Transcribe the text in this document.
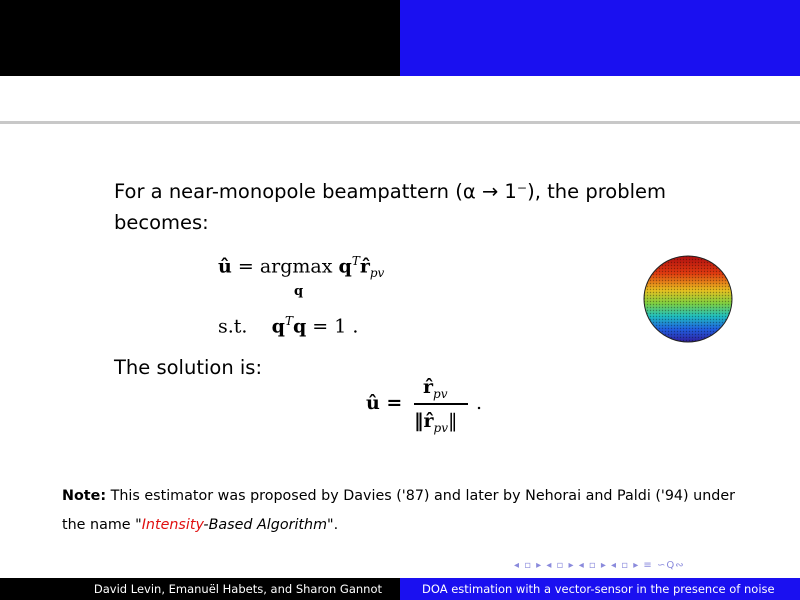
For a near-monopole beampattern (α → 1⁻), the problem becomes:
û = argmax $q^Tr̂_{pv}$
q
s.t. $q^Tq = 1$ .
The solution is:
û =
$r̂_{pv}$
$‖r̂_{pv}‖$
.
Note: This estimator was proposed by Davies ('87) and later by Nehorai and Paldi ('94) under the name "Intensity-Based Algorithm".
◂ ▫ ▸ ◂ ▫ ▸ ◂ ▫ ▸ ◂ ▫ ▸ ≡ ∽Q∾
David Levin, Emanuël Habets, and Sharon Gannot	DOA estimation with a vector-sensor in the presence of noise
